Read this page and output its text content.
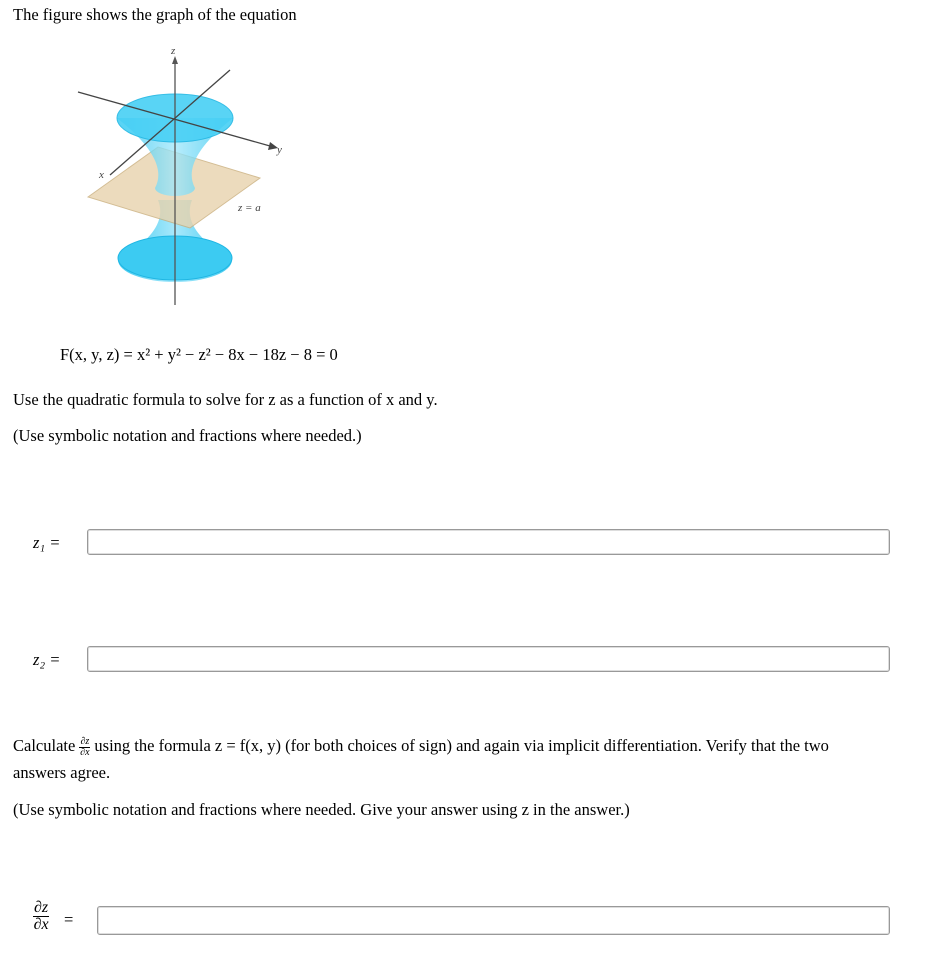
The figure shows the graph of the equation
z
y
x
z = a
F(x, y, z) = x² + y² − z² − 8x − 18z − 8 = 0
Use the quadratic formula to solve for z as a function of x and y.
(Use symbolic notation and fractions where needed.)
z₁ =
z₂ =
Calculate $\frac{\partial z}{\partial x}$ using the formula z = f(x, y) (for both choices of sign) and again via implicit differentiation. Verify that the two
answers agree.
(Use symbolic notation and fractions where needed. Give your answer using z in the answer.)
$\frac{\partial z}{\partial x}$ =
